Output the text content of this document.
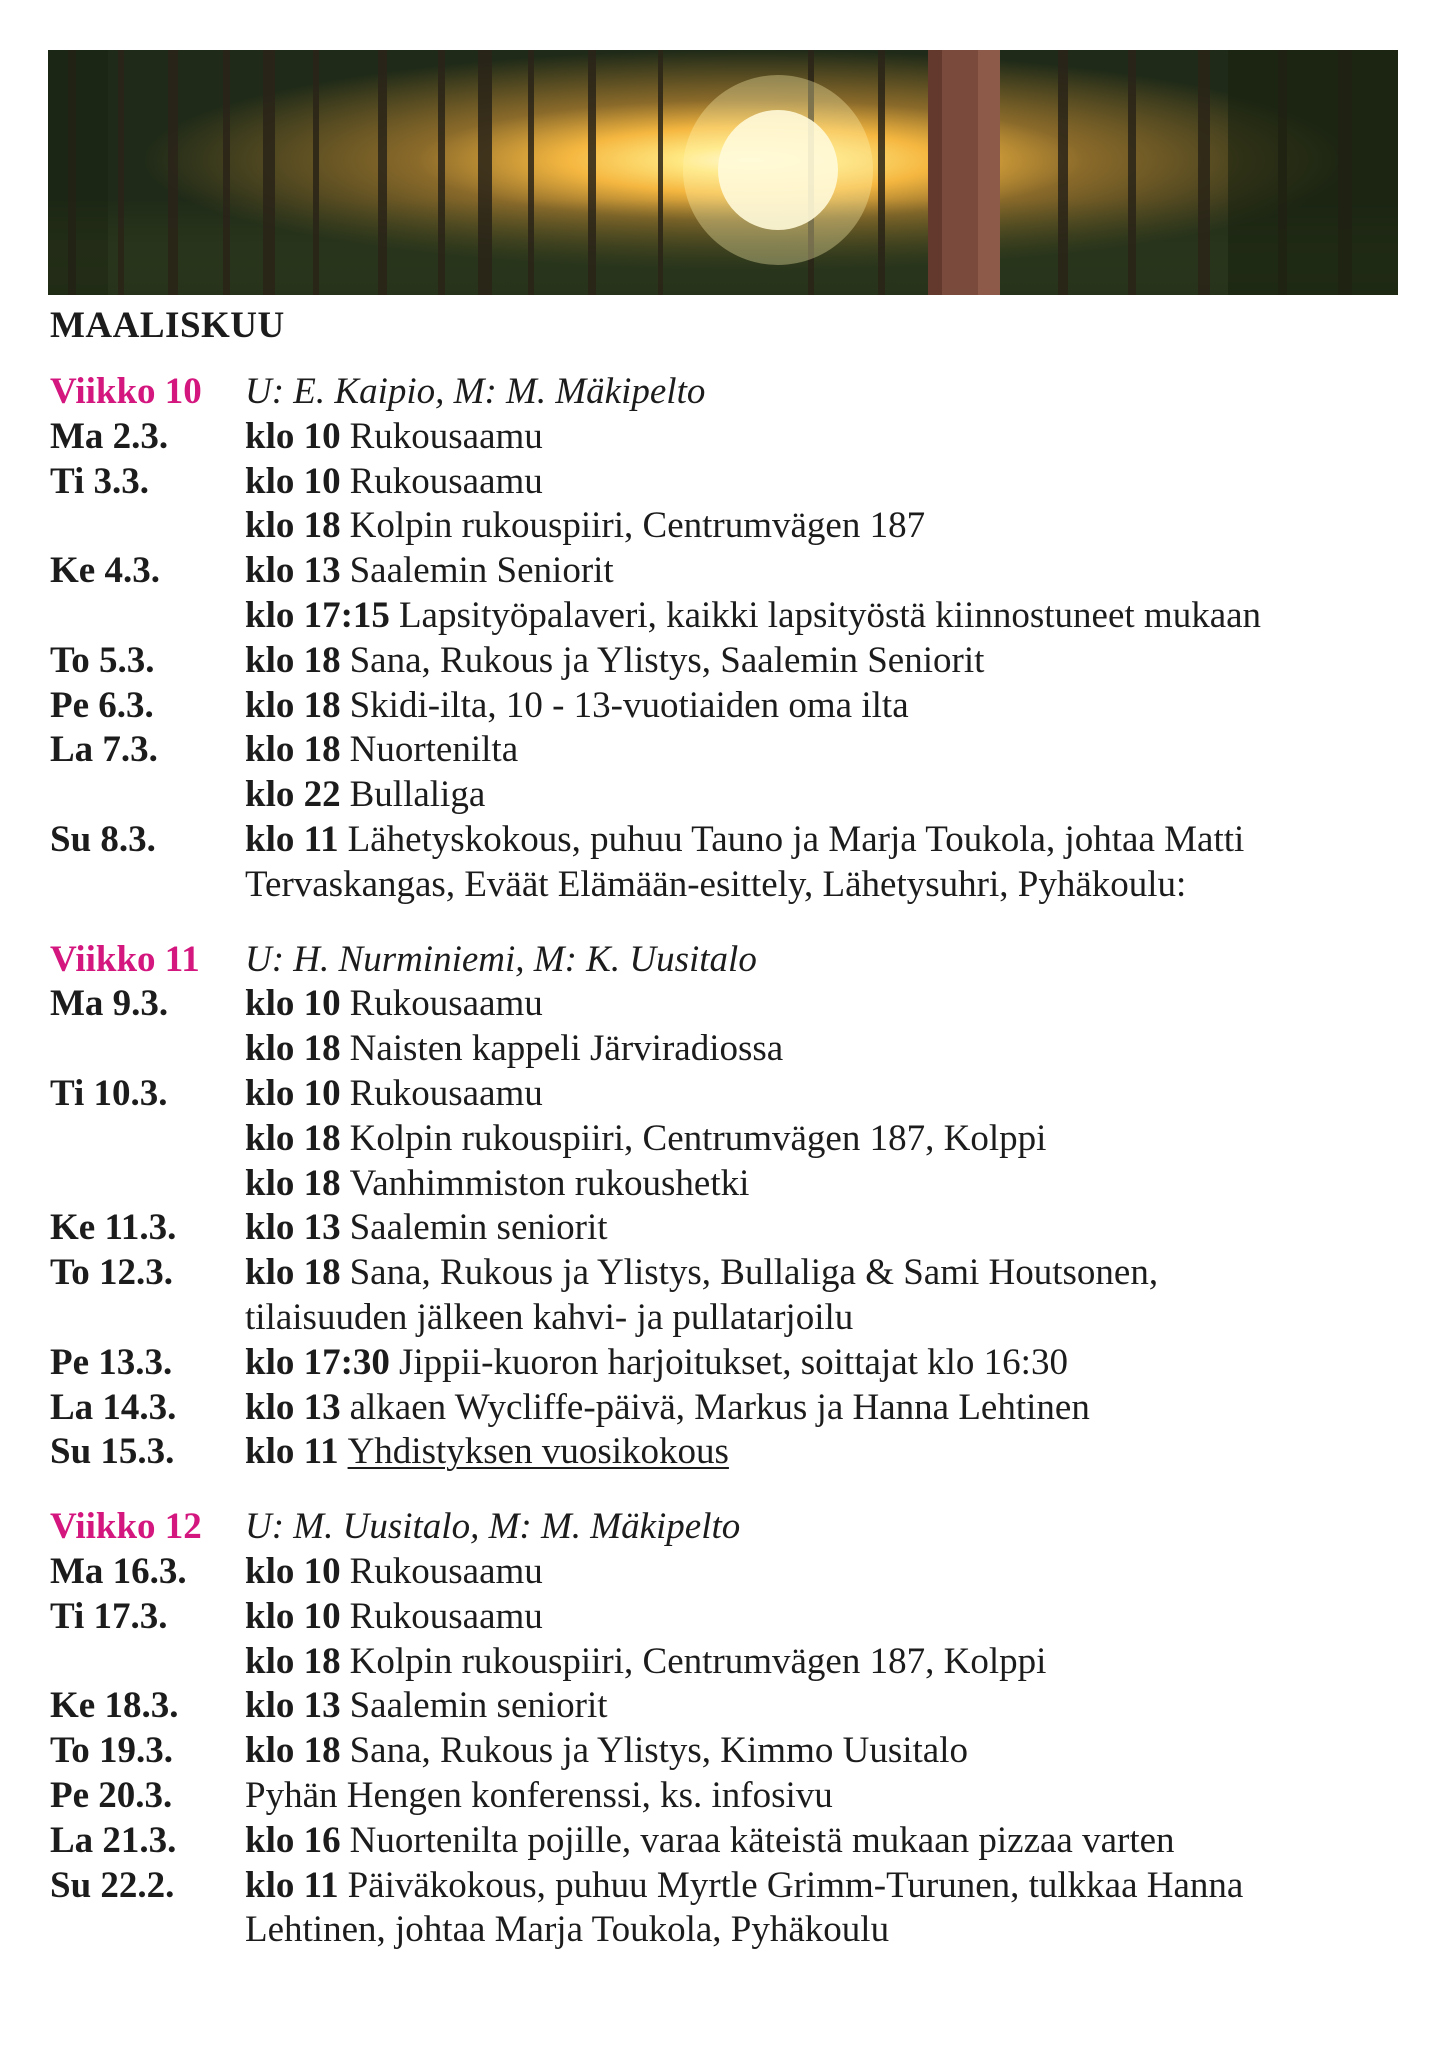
MAALISKUU
Viikko 10	U: E. Kaipio, M: M. Mäkipelto
Ma 2.3.	klo 10 Rukousaamu
Ti 3.3.	klo 10 Rukousaamu
klo 18 Kolpin rukouspiiri, Centrumvägen 187
Ke 4.3.	klo 13 Saalemin Seniorit
klo 17:15 Lapsityöpalaveri, kaikki lapsityöstä kiinnostuneet mukaan
To 5.3.	klo 18 Sana, Rukous ja Ylistys, Saalemin Seniorit
Pe 6.3.	klo 18 Skidi-ilta, 10 - 13-vuotiaiden oma ilta
La 7.3.	klo 18 Nuortenilta
klo 22 Bullaliga
Su 8.3.	klo 11 Lähetyskokous, puhuu Tauno ja Marja Toukola, johtaa Matti
Tervaskangas, Eväät Elämään-esittely, Lähetysuhri, Pyhäkoulu:
Viikko 11	U: H. Nurminiemi, M: K. Uusitalo
Ma 9.3.	klo 10 Rukousaamu
klo 18 Naisten kappeli Järviradiossa
Ti 10.3.	klo 10 Rukousaamu
klo 18 Kolpin rukouspiiri, Centrumvägen 187, Kolppi
klo 18 Vanhimmiston rukoushetki
Ke 11.3.	klo 13 Saalemin seniorit
To 12.3.	klo 18 Sana, Rukous ja Ylistys, Bullaliga & Sami Houtsonen,
tilaisuuden jälkeen kahvi- ja pullatarjoilu
Pe 13.3.	klo 17:30 Jippii-kuoron harjoitukset, soittajat klo 16:30
La 14.3.	klo 13 alkaen Wycliffe-päivä, Markus ja Hanna Lehtinen
Su 15.3.	klo 11 Yhdistyksen vuosikokous
Viikko 12	U: M. Uusitalo, M: M. Mäkipelto
Ma 16.3.	klo 10 Rukousaamu
Ti 17.3.	klo 10 Rukousaamu
klo 18 Kolpin rukouspiiri, Centrumvägen 187, Kolppi
Ke 18.3.	klo 13 Saalemin seniorit
To 19.3.	klo 18 Sana, Rukous ja Ylistys, Kimmo Uusitalo
Pe 20.3.	Pyhän Hengen konferenssi, ks. infosivu
La 21.3.	klo 16 Nuortenilta pojille, varaa käteistä mukaan pizzaa varten
Su 22.2.	klo 11 Päiväkokous, puhuu Myrtle Grimm-Turunen, tulkkaa Hanna
Lehtinen, johtaa Marja Toukola, Pyhäkoulu
